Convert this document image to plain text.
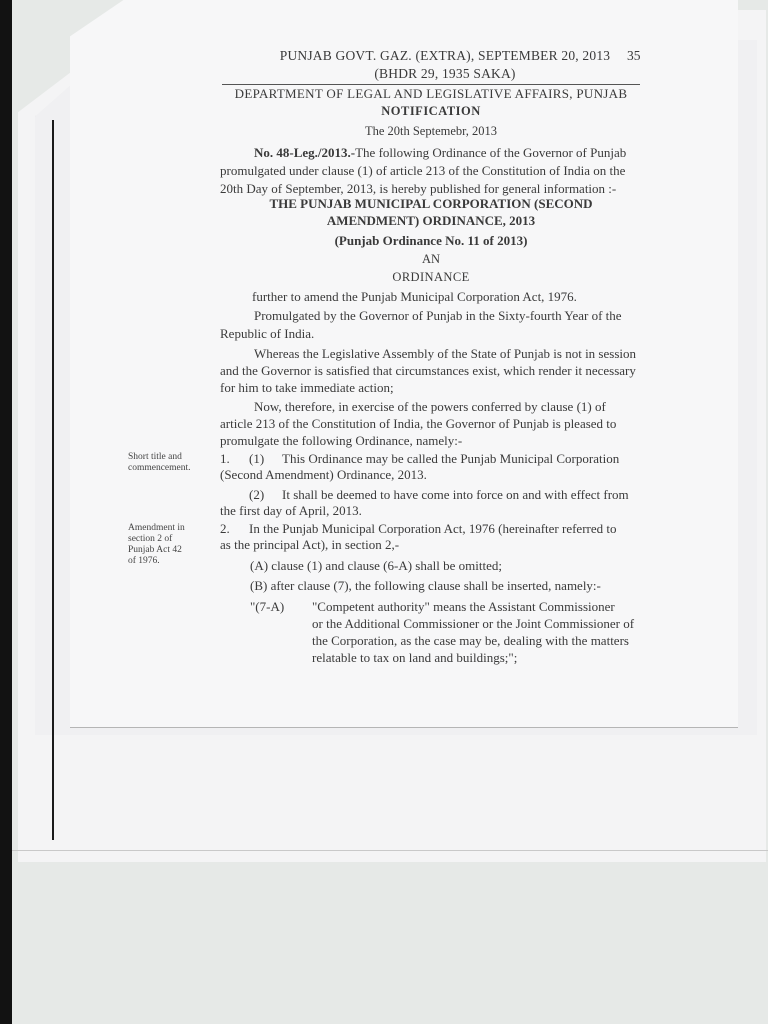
PUNJAB GOVT. GAZ. (EXTRA), SEPTEMBER 20, 2013	35
(BHDR 29, 1935 SAKA)
DEPARTMENT OF LEGAL AND LEGISLATIVE AFFAIRS, PUNJAB
NOTIFICATION
The 20th Septemebr, 2013
No. 48-Leg./2013.-The following Ordinance of the Governor of Punjab
promulgated under clause (1) of article 213 of the Constitution of India on the
20th Day of September, 2013, is hereby published for general information :-
THE PUNJAB MUNICIPAL CORPORATION (SECOND
AMENDMENT) ORDINANCE, 2013
(Punjab Ordinance No. 11 of 2013)
AN
ORDINANCE
further to amend the Punjab Municipal Corporation Act, 1976.
Promulgated by the Governor of Punjab in the Sixty-fourth Year of the
Republic of India.
Whereas the Legislative Assembly of the State of Punjab is not in session
and the Governor is satisfied that circumstances exist, which render it necessary
for him to take immediate action;
Now, therefore, in exercise of the powers conferred by clause (1) of
article 213 of the Constitution of India, the Governor of Punjab is pleased to
promulgate the following Ordinance, namely:-
Short title and
commencement.
1. (1) This Ordinance may be called the Punjab Municipal Corporation
(Second Amendment) Ordinance, 2013.
(2) It shall be deemed to have come into force on and with effect from
the first day of April, 2013.
Amendment in
section 2 of
Punjab Act 42
of 1976.
2. In the Punjab Municipal Corporation Act, 1976 (hereinafter referred to
as the principal Act), in section 2,-
(A) clause (1) and clause (6-A) shall be omitted;
(B) after clause (7), the following clause shall be inserted, namely:-
"(7-A) "Competent authority" means the Assistant Commissioner
or the Additional Commissioner or the Joint Commissioner of
the Corporation, as the case may be, dealing with the matters
relatable to tax on land and buildings;";
